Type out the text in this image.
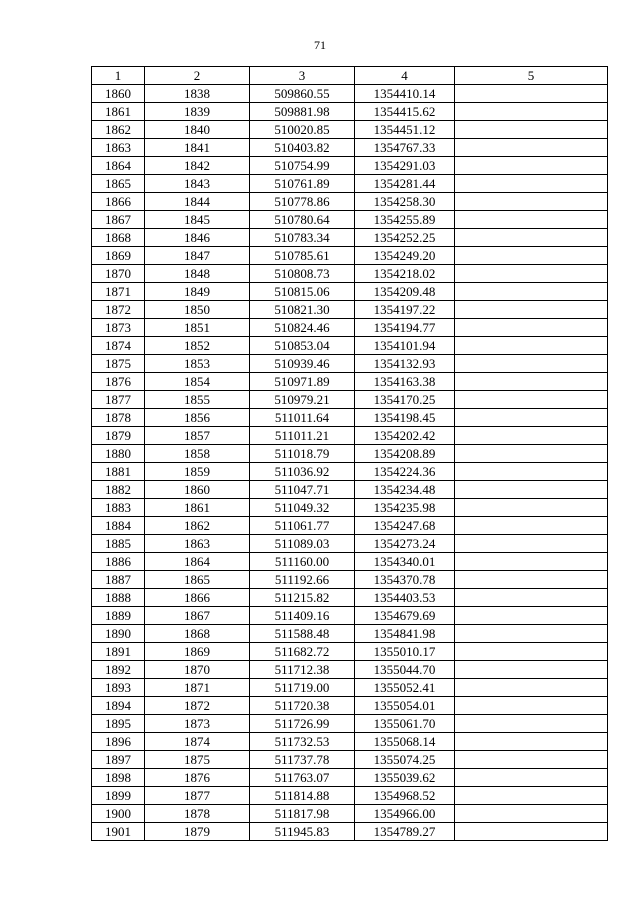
71
1	2	3	4	5
1860	1838	509860.55	1354410.14	
1861	1839	509881.98	1354415.62	
1862	1840	510020.85	1354451.12	
1863	1841	510403.82	1354767.33	
1864	1842	510754.99	1354291.03	
1865	1843	510761.89	1354281.44	
1866	1844	510778.86	1354258.30	
1867	1845	510780.64	1354255.89	
1868	1846	510783.34	1354252.25	
1869	1847	510785.61	1354249.20	
1870	1848	510808.73	1354218.02	
1871	1849	510815.06	1354209.48	
1872	1850	510821.30	1354197.22	
1873	1851	510824.46	1354194.77	
1874	1852	510853.04	1354101.94	
1875	1853	510939.46	1354132.93	
1876	1854	510971.89	1354163.38	
1877	1855	510979.21	1354170.25	
1878	1856	511011.64	1354198.45	
1879	1857	511011.21	1354202.42	
1880	1858	511018.79	1354208.89	
1881	1859	511036.92	1354224.36	
1882	1860	511047.71	1354234.48	
1883	1861	511049.32	1354235.98	
1884	1862	511061.77	1354247.68	
1885	1863	511089.03	1354273.24	
1886	1864	511160.00	1354340.01	
1887	1865	511192.66	1354370.78	
1888	1866	511215.82	1354403.53	
1889	1867	511409.16	1354679.69	
1890	1868	511588.48	1354841.98	
1891	1869	511682.72	1355010.17	
1892	1870	511712.38	1355044.70	
1893	1871	511719.00	1355052.41	
1894	1872	511720.38	1355054.01	
1895	1873	511726.99	1355061.70	
1896	1874	511732.53	1355068.14	
1897	1875	511737.78	1355074.25	
1898	1876	511763.07	1355039.62	
1899	1877	511814.88	1354968.52	
1900	1878	511817.98	1354966.00	
1901	1879	511945.83	1354789.27	
